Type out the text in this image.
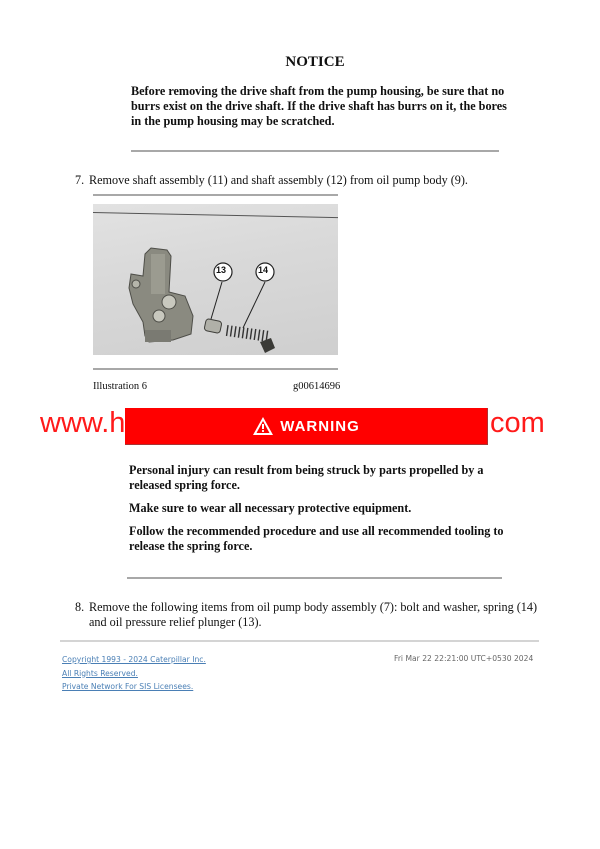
NOTICE
Before removing the drive shaft from the pump housing, be sure that no burrs exist on the drive shaft. If the drive shaft has burrs on it, the bores in the pump housing may be scratched.
7. Remove shaft assembly (11) and shaft assembly (12) from oil pump body (9).
13	14
Illustration 6	g00614696
www.h	com
WARNING

Personal injury can result from being struck by parts propelled by a released spring force.

Make sure to wear all necessary protective equipment.

Follow the recommended procedure and use all recommended tooling to release the spring force.

8. Remove the following items from oil pump body assembly (7): bolt and washer, spring (14)
and oil pressure relief plunger (13).
Copyright 1993 - 2024 Caterpillar Inc.
All Rights Reserved.
Private Network For SIS Licensees.
Fri Mar 22 22:21:00 UTC+0530 2024
